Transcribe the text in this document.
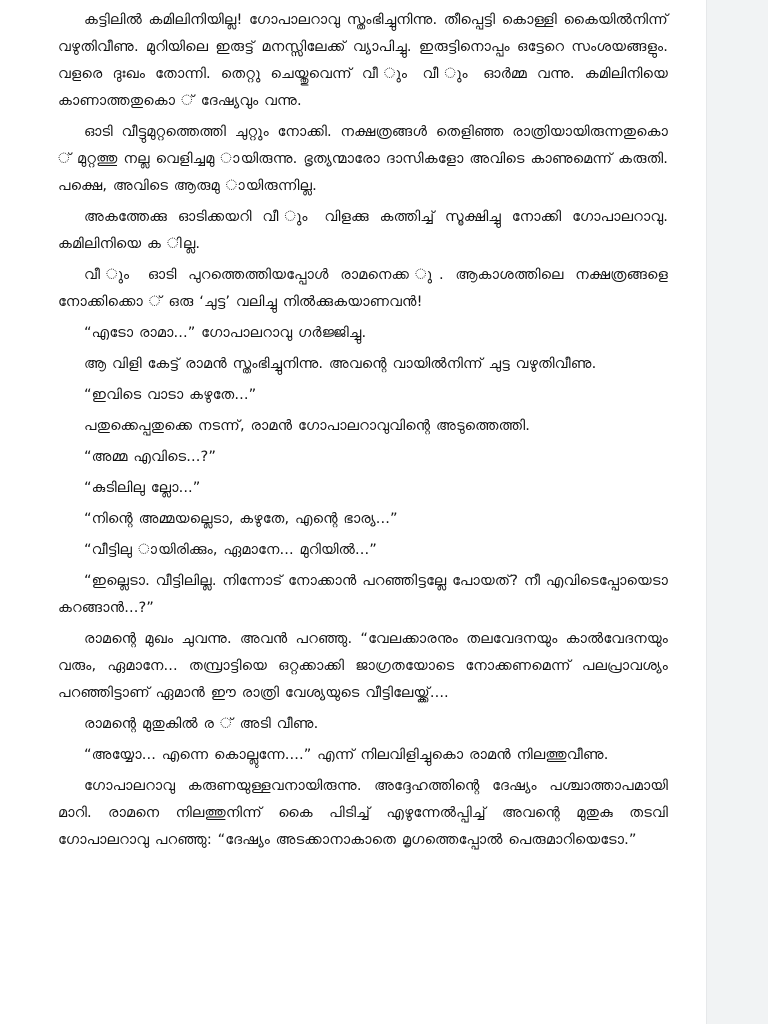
കട്ടിലിൽ കമിലിനിയില്ല! ഗോപാലറാവു സ്തംഭിച്ചുനിന്നു. തീപ്പെട്ടി കൊള്ളി കൈയിൽനിന്ന് വഴുതിവീണു. മുറിയിലെ ഇരുട്ട് മനസ്സിലേക്ക് വ്യാപിച്ചു. ഇരുട്ടിനൊപ്പം ഒട്ടേറെ സംശയങ്ങളും. വളരെ ദുഃഖം തോന്നി. തെറ്റു ചെയ്തുവെന്ന് വീ ും വീ ും ഓർമ്മ വന്നു. കമിലിനിയെ കാണാത്തതുകൊ ് ദേഷ്യവും വന്നു.

ഓടി വീട്ടുമുറ്റത്തെത്തി ചുറ്റും നോക്കി. നക്ഷത്രങ്ങൾ തെളിഞ്ഞ രാത്രിയായിരുന്നതുകൊ ് മുറ്റത്തു നല്ല വെളിച്ചമു ായിരുന്നു. ഭൃത്യന്മാരോ ദാസികളോ അവിടെ കാണുമെന്ന് കരുതി. പക്ഷെ, അവിടെ ആരുമു ായിരുന്നില്ല.

അകത്തേക്കു ഓടിക്കയറി വീ ും വിളക്കു കത്തിച്ച് സൂക്ഷിച്ചു നോക്കി ഗോപാലറാവു. കമിലിനിയെ ക ില്ല.

വീ ും ഓടി പുറത്തെത്തിയപ്പോൾ രാമനെക്ക ു. ആകാശത്തിലെ നക്ഷത്രങ്ങളെ നോക്കിക്കൊ ് ഒരു ‘ചുട്ട’ വലിച്ചു നിൽക്കുകയാണവൻ!

“എടോ രാമാ...” ഗോപാലറാവു ഗർജ്ജിച്ചു.

ആ വിളി കേട്ട് രാമൻ സ്തംഭിച്ചുനിന്നു. അവന്റെ വായിൽനിന്ന് ചുട്ട വഴുതിവീണു.

“ഇവിടെ വാടാ കഴുതേ...”

പതുക്കെപ്പതുക്കെ നടന്ന്, രാമൻ ഗോപാലറാവുവിന്റെ അടുത്തെത്തി.

“അമ്മ എവിടെ...?”

“കുടിലിലു ല്ലോ...”

“നിന്റെ അമ്മയല്ലെടാ, കഴുതേ, എന്റെ ഭാര്യ...”

“വീട്ടിലു ായിരിക്കും, ഏമാനേ... മുറിയിൽ...”

“ഇല്ലെടാ. വീട്ടിലില്ല. നിന്നോട് നോക്കാൻ പറഞ്ഞിട്ടല്ലേ പോയത്? നീ എവിടെപ്പോയെടാ കറങ്ങാൻ...?”

രാമന്റെ മുഖം ചുവന്നു. അവൻ പറഞ്ഞു. “വേലക്കാരനും തലവേദനയും കാൽവേദനയും വരും, ഏമാനേ... തമ്പ്രാട്ടിയെ ഒറ്റക്കാക്കി ജാഗ്രതയോടെ നോക്കണമെന്ന് പലപ്രാവശ്യം പറഞ്ഞിട്ടാണ് ഏമാൻ ഈ രാത്രി വേശ്യയുടെ വീട്ടിലേയ്ക്ക്....

രാമന്റെ മുതുകിൽ ര ് അടി വീണു.

“അയ്യോ... എന്നെ കൊല്ലുന്നേ....” എന്ന് നിലവിളിച്ചുകൊ രാമൻ നിലത്തുവീണു.

ഗോപാലറാവു കരുണയുള്ളവനായിരുന്നു. അദ്ദേഹത്തിന്റെ ദേഷ്യം പശ്ചാത്താപമായി മാറി. രാമനെ നിലത്തുനിന്ന് കൈ പിടിച്ച് എഴുന്നേൽപ്പിച്ച് അവന്റെ മുതുകു തടവി ഗോപാലറാവു പറഞ്ഞു: “ദേഷ്യം അടക്കാനാകാതെ മൃഗത്തെപ്പോൽ പെരുമാറിയെടോ.”
